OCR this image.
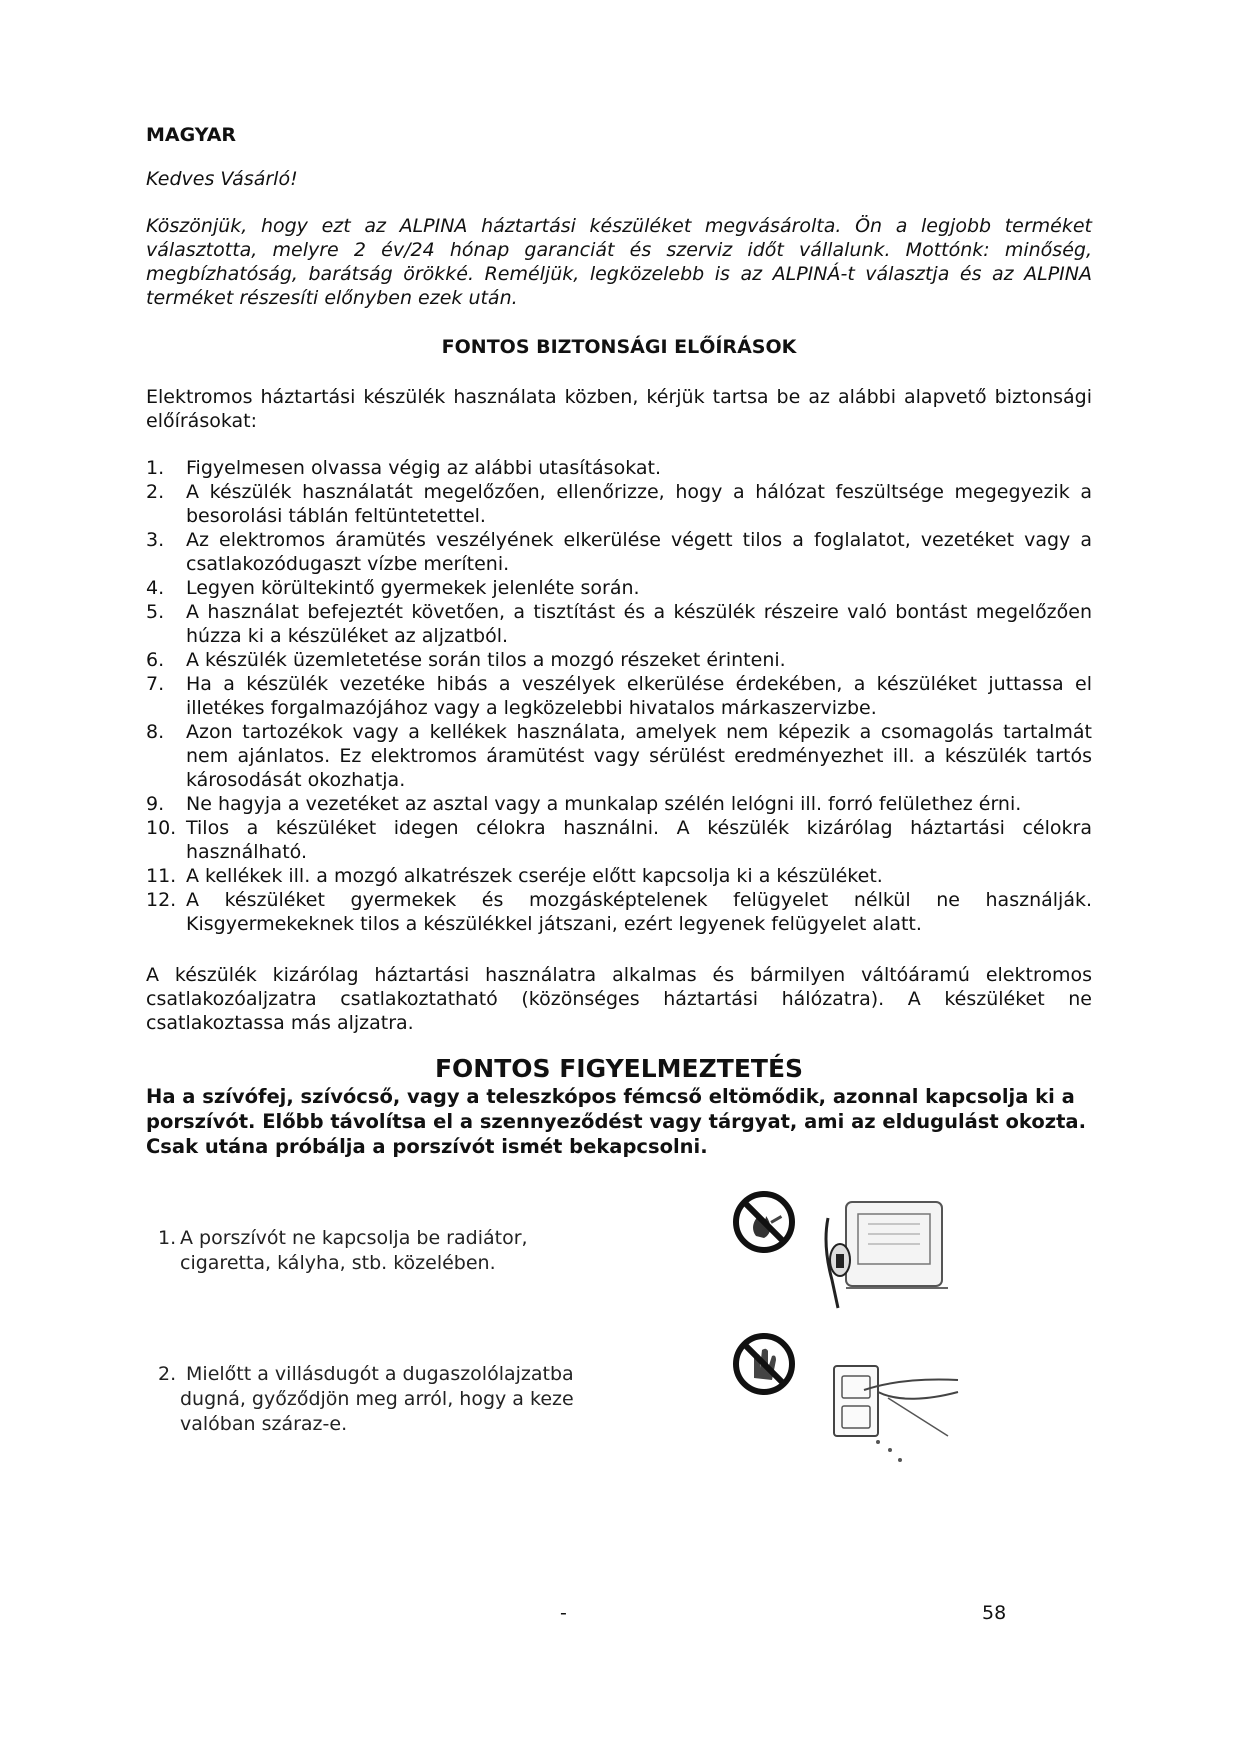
MAGYAR
Kedves Vásárló!
Köszönjük, hogy ezt az ALPINA háztartási készüléket megvásárolta. Ön a legjobb terméket
választotta, melyre 2 év/24 hónap garanciát és szerviz időt vállalunk. Mottónk: minőség,
megbízhatóság, barátság örökké. Reméljük, legközelebb is az ALPINÁ-t választja és az ALPINA
terméket részesíti előnyben ezek után.
FONTOS BIZTONSÁGI ELŐÍRÁSOK
Elektromos háztartási készülék használata közben, kérjük tartsa be az alábbi alapvető biztonsági előírásokat:
1.	Figyelmesen olvassa végig az alábbi utasításokat.
2.	A készülék használatát megelőzően, ellenőrizze, hogy a hálózat feszültsége megegyezik a besorolási táblán feltüntetettel.
3.	Az elektromos áramütés veszélyének elkerülése végett tilos a foglalatot, vezetéket vagy a csatlakozódugaszt vízbe meríteni.
4.	Legyen körültekintő gyermekek jelenléte során.
5.	A használat befejeztét követően, a tisztítást és a készülék részeire való bontást megelőzően húzza ki a készüléket az aljzatból.
6.	A készülék üzemletetése során tilos a mozgó részeket érinteni.
7.	Ha a készülék vezetéke hibás a veszélyek elkerülése érdekében, a készüléket juttassa el illetékes forgalmazójához vagy a legközelebbi hivatalos márkaszervizbe.
8.	Azon tartozékok vagy a kellékek használata, amelyek nem képezik a csomagolás tartalmát nem ajánlatos. Ez elektromos áramütést vagy sérülést eredményezhet ill. a készülék tartós károsodását okozhatja.
9.	Ne hagyja a vezetéket az asztal vagy a munkalap szélén lelógni ill. forró felülethez érni.
10. Tilos a készüléket idegen célokra használni. A készülék kizárólag háztartási célokra használható.
11. A kellékek ill. a mozgó alkatrészek cseréje előtt kapcsolja ki a készüléket.
12. A készüléket gyermekek és mozgásképtelenek felügyelet nélkül ne használják. Kisgyermekeknek tilos a készülékkel játszani, ezért legyenek felügyelet alatt.
A készülék kizárólag háztartási használatra alkalmas és bármilyen váltóáramú elektromos csatlakozóaljzatra csatlakoztatható (közönséges háztartási hálózatra). A készüléket ne csatlakoztassa más aljzatra.
FONTOS FIGYELMEZTETÉS
Ha a szívófej, szívócső, vagy a teleszkópos fémcső eltömődik, azonnal kapcsolja ki a
porszívót. Előbb távolítsa el a szennyeződést vagy tárgyat, ami az eldugulást okozta.
Csak utána próbálja a porszívót ismét bekapcsolni.
1. A porszívót ne kapcsolja be radiátor,
cigaretta, kályha, stb. közelében.
2. Mielőtt a villásdugót a dugaszolólajzatba
dugná, győződjön meg arról, hogy a keze
valóban száraz-e.
-	58
